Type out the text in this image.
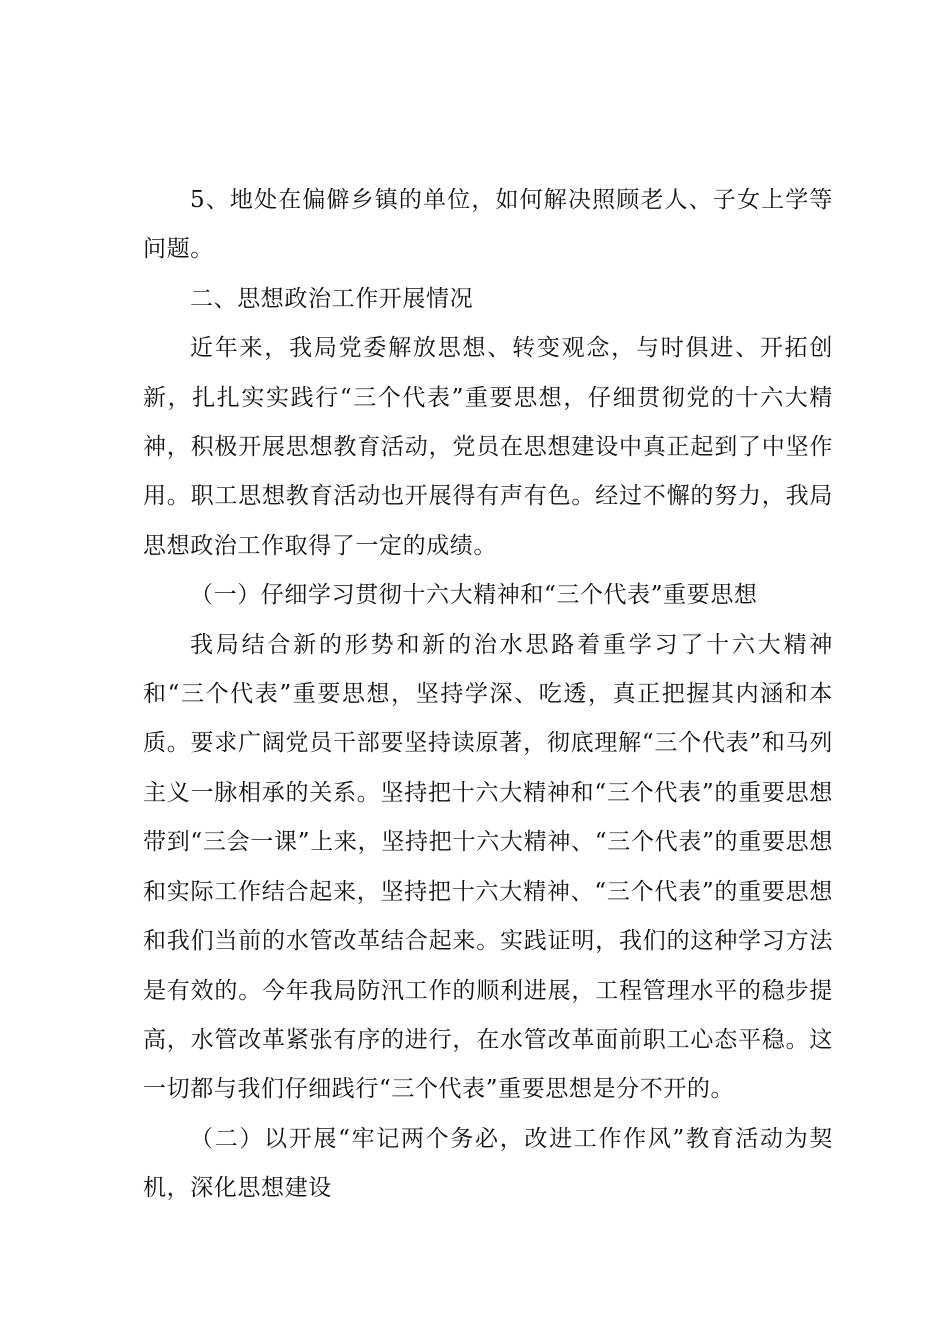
5、地处在偏僻乡镇的单位，如何解决照顾老人、子女上学等问题。

二、思想政治工作开展情况

近年来，我局党委解放思想、转变观念，与时俱进、开拓创新，扎扎实实践行“三个代表”重要思想，仔细贯彻党的十六大精神，积极开展思想教育活动，党员在思想建设中真正起到了中坚作用。职工思想教育活动也开展得有声有色。经过不懈的努力，我局思想政治工作取得了一定的成绩。

（一）仔细学习贯彻十六大精神和“三个代表”重要思想

我局结合新的形势和新的治水思路着重学习了十六大精神和“三个代表”重要思想，坚持学深、吃透，真正把握其内涵和本质。要求广阔党员干部要坚持读原著，彻底理解“三个代表”和马列主义一脉相承的关系。坚持把十六大精神和“三个代表”的重要思想带到“三会一课”上来，坚持把十六大精神、“三个代表”的重要思想和实际工作结合起来，坚持把十六大精神、“三个代表”的重要思想和我们当前的水管改革结合起来。实践证明，我们的这种学习方法是有效的。今年我局防汛工作的顺利进展，工程管理水平的稳步提高，水管改革紧张有序的进行，在水管改革面前职工心态平稳。这一切都与我们仔细践行“三个代表”重要思想是分不开的。

（二）以开展“牢记两个务必，改进工作作风”教育活动为契机，深化思想建设
